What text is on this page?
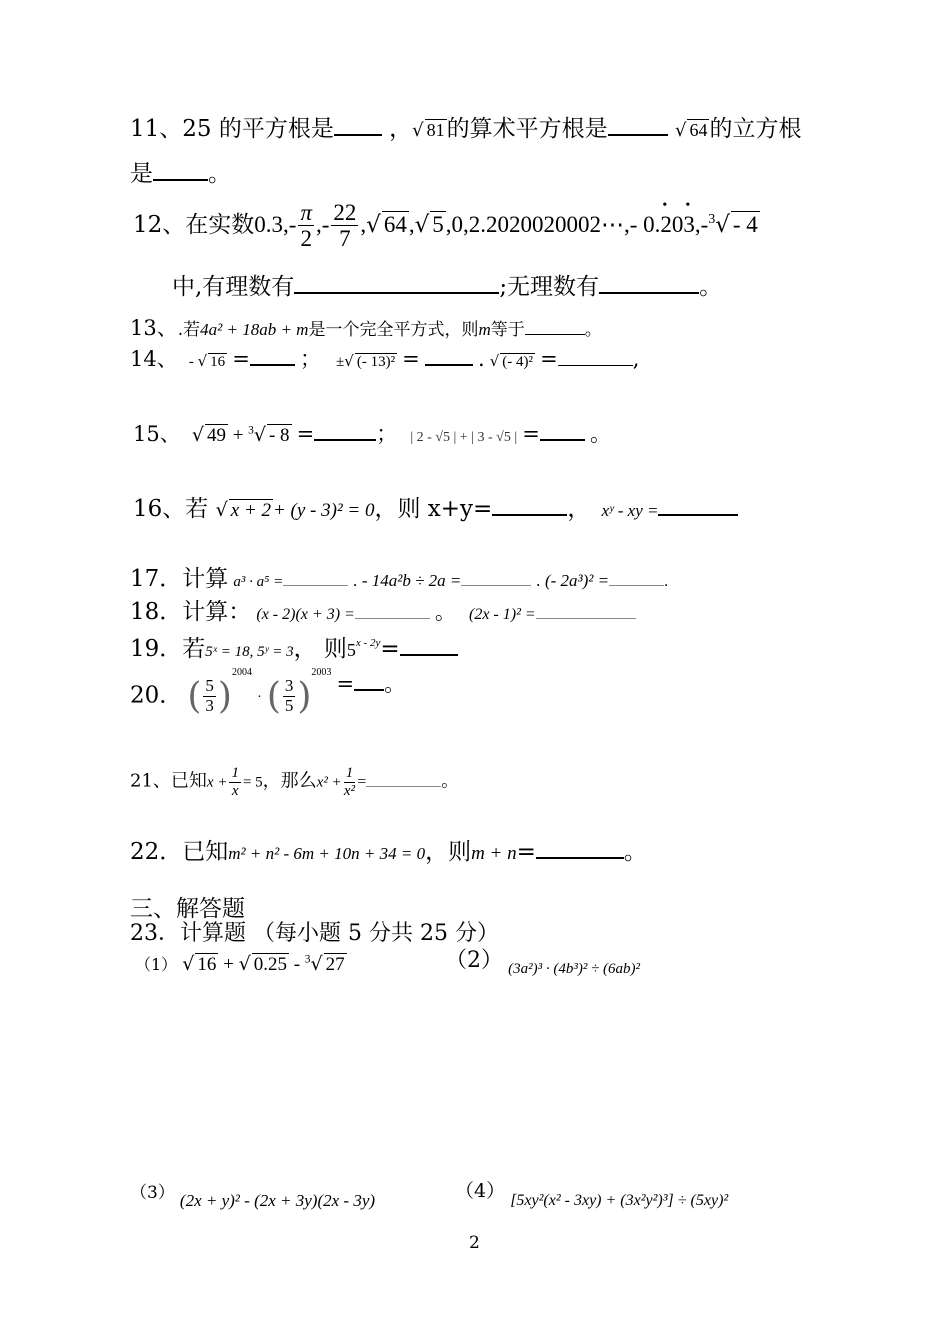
11、25 的平方根是 ，√ 81的算术平方根是	√ 64的立方根
是 。
12、在实数$0.3,- \frac{\pi}{2}$ ,- $\frac{22}{7}$ ,√ 64,√ 5,0,2.2020020002⋯,- 0.• 20• 3,-$^3$√ - 4
中,有理数有	;无理数有	。
13、.若4a² + 18ab + m是一个完全平方式，则m等于	。
14、 - √ 16 = ； ±√ (- 13)² =	. √ (- 4)² =	,
15、 √ 49 + $^3$√ - 8 =	； | 2 - √5 | + | 3 - √5 | = 。
16、若 √ x + 2 + (y - 3)² = 0，则 x+y=	， xʸ - xy =
17．计算 a³ · a⁵ =	. - 14a²b ÷ 2a =	. (- 2a³)² =	.
18．计算： (x - 2)(x + 3) =	。 (2x - 1)² =
19．若5ˣ = 18, 5ʸ = 3， 则$5^{x - 2y}=$
20． ( $\frac{5}{3} )^{2004}$ · ( $\frac{3}{5} )^{2003}$ = 。
21、已知$x + \frac{1}{x} = 5$，那么$x^2 + \frac{1}{\text{x²}}$ =	。
22．已知m² + n² - 6m + 10n + 34 = 0，则m + n=	。
三、解答题
23．计算题 （每小题 5 分共 25 分）
（1） √ 16 + √ 0.25 - $^3$√ 27	（2） (3a²)³ · (4b³)² ÷ (6ab)²
（3） (2x + y)² - (2x + 3y)(2x - 3y)	（4） [5xy²(x² - 3xy) + (3x²y²)³] ÷ (5xy)²
2
